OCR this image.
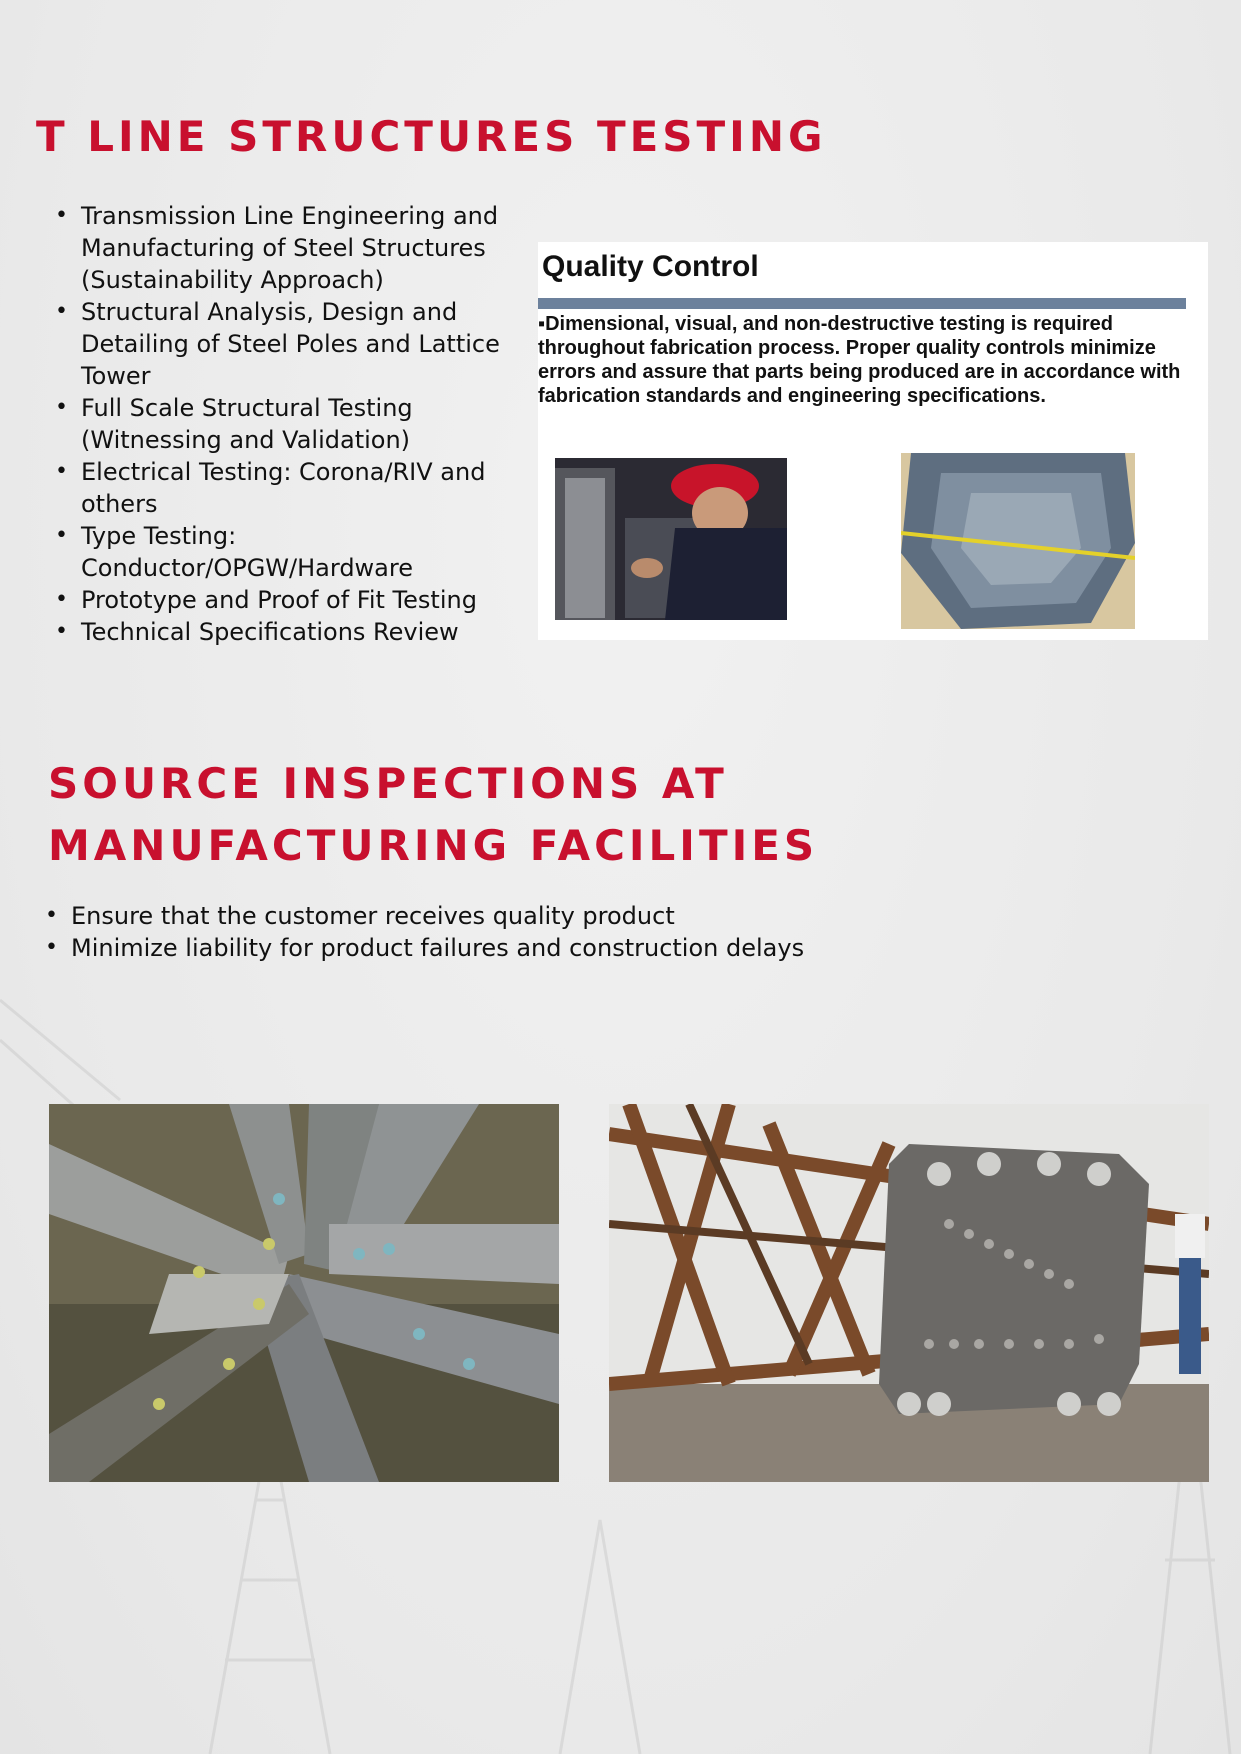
T LINE STRUCTURES TESTING
• Transmission Line Engineering and Manufacturing of Steel Structures (Sustainability Approach)
• Structural Analysis, Design and Detailing of Steel Poles and Lattice Tower
• Full Scale Structural Testing (Witnessing and Validation)
• Electrical Testing: Corona/RIV and others
• Type Testing: Conductor/OPGW/Hardware
• Prototype and Proof of Fit Testing
• Technical Specifications Review
Quality Control
▪Dimensional, visual, and non-destructive testing is required throughout fabrication process. Proper quality controls minimize errors and assure that parts being produced are in accordance with fabrication standards and engineering specifications.
SOURCE INSPECTIONS AT MANUFACTURING FACILITIES
• Ensure that the customer receives quality product
• Minimize liability for product failures and construction delays
